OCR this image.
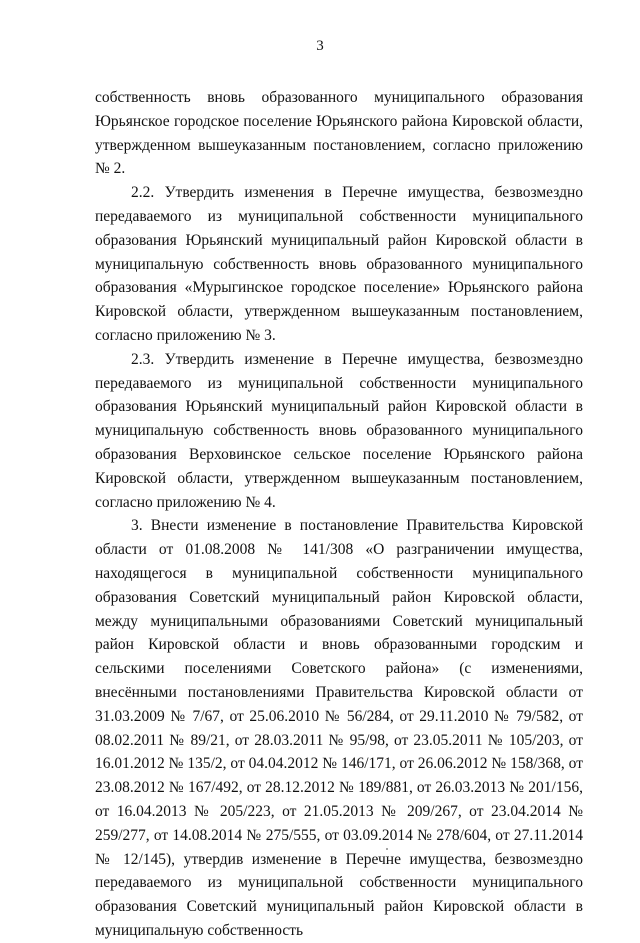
3

собственность вновь образованного муниципального образования Юрьянское городское поселение Юрьянского района Кировской области, утвержденном вышеуказанным постановлением, согласно приложению № 2.

2.2. Утвердить изменения в Перечне имущества, безвозмездно передаваемого из муниципальной собственности муниципального образования Юрьянский муниципальный район Кировской области в муниципальную собственность вновь образованного муниципального образования «Мурыгинское городское поселение» Юрьянского района Кировской области, утвержденном вышеуказанным постановлением, согласно приложению № 3.

2.3. Утвердить изменение в Перечне имущества, безвозмездно передаваемого из муниципальной собственности муниципального образования Юрьянский муниципальный район Кировской области в муниципальную собственность вновь образованного муниципального образования Верховинское сельское поселение Юрьянского района Кировской области, утвержденном вышеуказанным постановлением, согласно приложению № 4.

3. Внести изменение в постановление Правительства Кировской области от 01.08.2008 № 141/308 «О разграничении имущества, находящегося в муниципальной собственности муниципального образования Советский муниципальный район Кировской области, между муниципальными образованиями Советский муниципальный район Кировской области и вновь образованными городским и сельскими поселениями Советского района» (с изменениями, внесёнными постановлениями Правительства Кировской области от 31.03.2009 № 7/67, от 25.06.2010 № 56/284, от 29.11.2010 № 79/582, от 08.02.2011 № 89/21, от 28.03.2011 № 95/98, от 23.05.2011 № 105/203, от 16.01.2012 № 135/2, от 04.04.2012 № 146/171, от 26.06.2012 № 158/368, от 23.08.2012 № 167/492, от 28.12.2012 № 189/881, от 26.03.2013 № 201/156, от 16.04.2013 № 205/223, от 21.05.2013 № 209/267, от 23.04.2014 № 259/277, от 14.08.2014 № 275/555, от 03.09.2014 № 278/604, от 27.11.2014 № 12/145), утвердив изменение в Перечне имущества, безвозмездно передаваемого из муниципальной собственности муниципального образования Советский муниципальный район Кировской области в муниципальную собственность
